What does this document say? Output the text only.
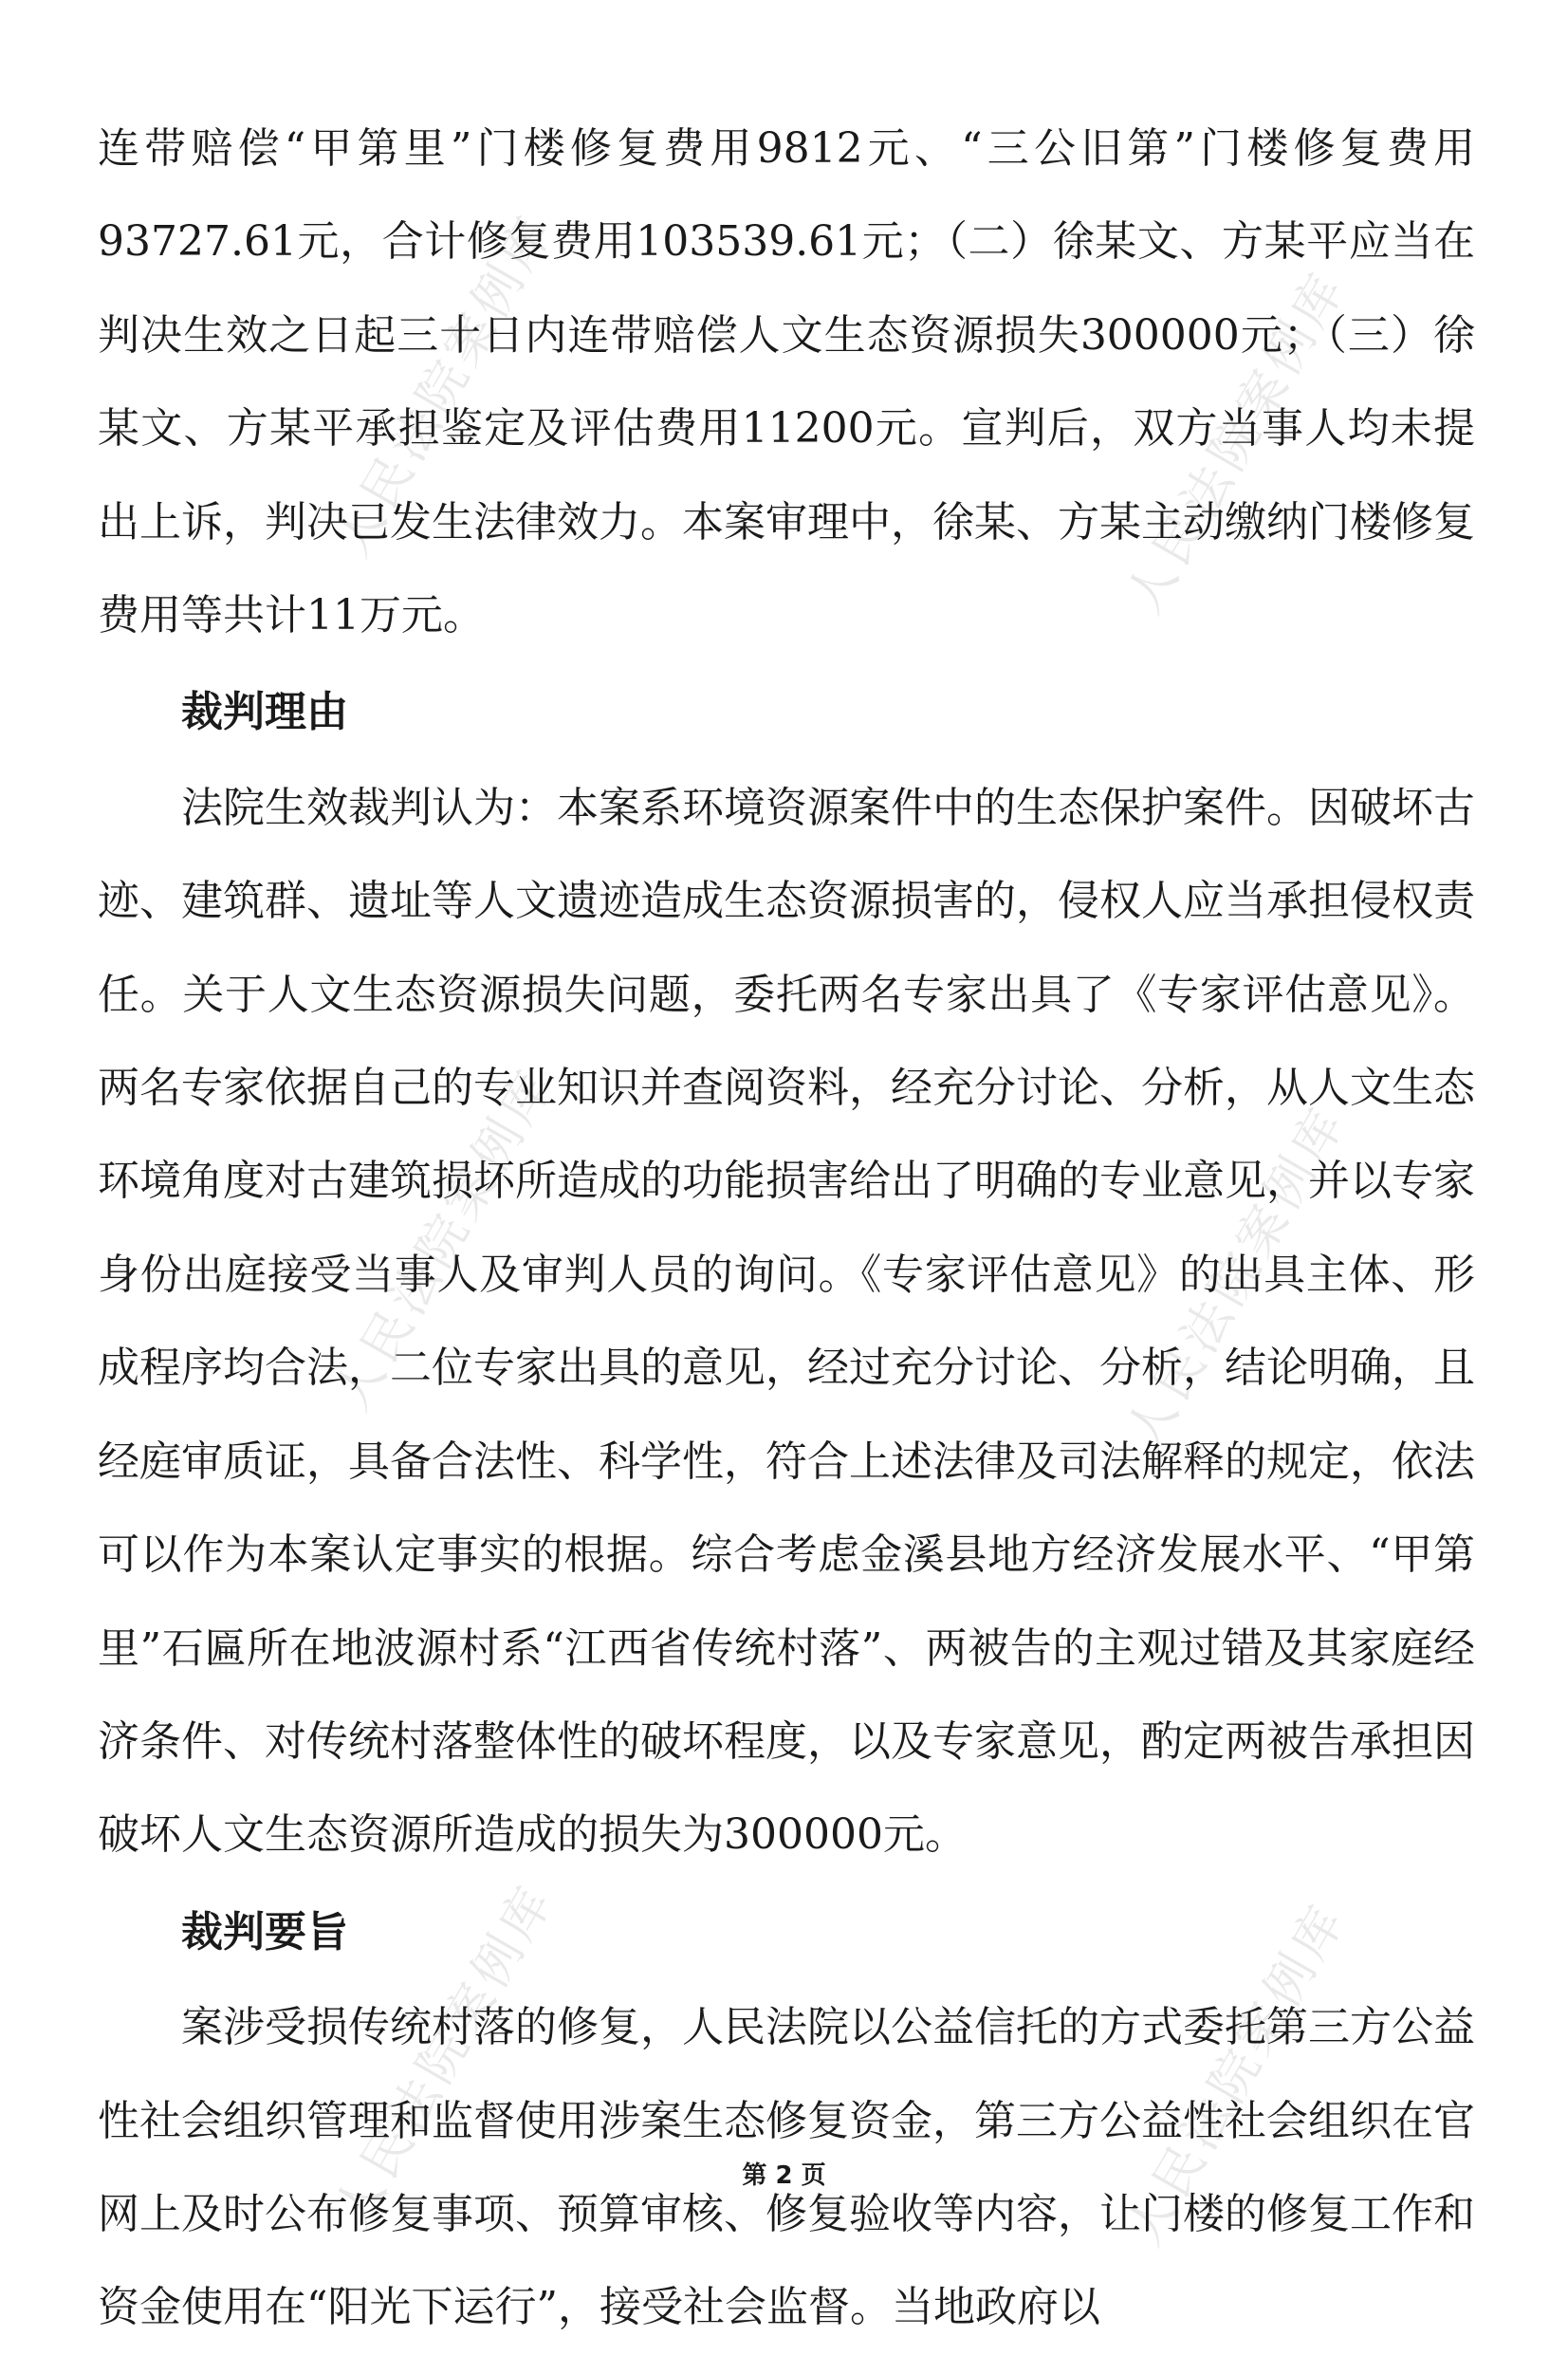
人民法院案例库	人民法院案例库
人民法院案例库	人民法院案例库
人民法院案例库	人民法院案例库

连带赔偿“甲第里”门楼修复费用9812元、“三公旧第”门楼修复费用93727.61元，合计修复费用103539.61元；（二）徐某文、方某平应当在判决生效之日起三十日内连带赔偿人文生态资源损失300000元；（三）徐某文、方某平承担鉴定及评估费用11200元。宣判后，双方当事人均未提出上诉，判决已发生法律效力。本案审理中，徐某、方某主动缴纳门楼修复费用等共计11万元。

裁判理由

法院生效裁判认为：本案系环境资源案件中的生态保护案件。因破坏古迹、建筑群、遗址等人文遗迹造成生态资源损害的，侵权人应当承担侵权责任。关于人文生态资源损失问题，委托两名专家出具了《专家评估意见》。两名专家依据自己的专业知识并查阅资料，经充分讨论、分析，从人文生态环境角度对古建筑损坏所造成的功能损害给出了明确的专业意见，并以专家身份出庭接受当事人及审判人员的询问。《专家评估意见》的出具主体、形成程序均合法，二位专家出具的意见，经过充分讨论、分析，结论明确，且经庭审质证，具备合法性、科学性，符合上述法律及司法解释的规定，依法可以作为本案认定事实的根据。综合考虑金溪县地方经济发展水平、“甲第里”石匾所在地波源村系“江西省传统村落”、两被告的主观过错及其家庭经济条件、对传统村落整体性的破坏程度，以及专家意见，酌定两被告承担因破坏人文生态资源所造成的损失为300000元。

裁判要旨

案涉受损传统村落的修复，人民法院以公益信托的方式委托第三方公益性社会组织管理和监督使用涉案生态修复资金，第三方公益性社会组织在官网上及时公布修复事项、预算审核、修复验收等内容，让门楼的修复工作和资金使用在“阳光下运行”，接受社会监督。当地政府以

第 2 页
